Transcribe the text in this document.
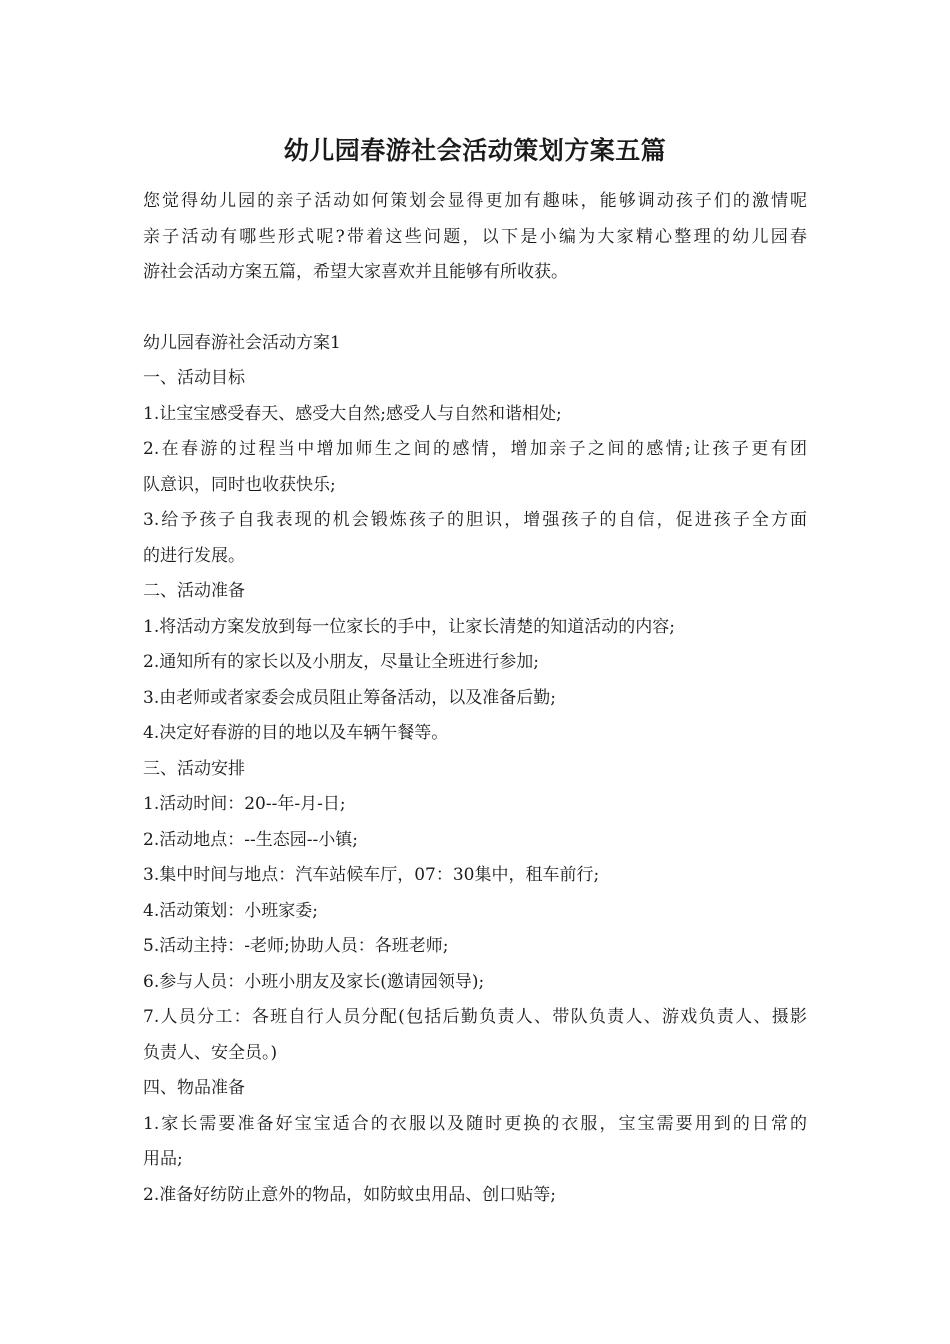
幼儿园春游社会活动策划方案五篇

您觉得幼儿园的亲子活动如何策划会显得更加有趣味，能够调动孩子们的激情呢

亲子活动有哪些形式呢?带着这些问题，以下是小编为大家精心整理的幼儿园春

游社会活动方案五篇，希望大家喜欢并且能够有所收获。

幼儿园春游社会活动方案1

一、活动目标

1.让宝宝感受春天、感受大自然;感受人与自然和谐相处;

2.在春游的过程当中增加师生之间的感情，增加亲子之间的感情;让孩子更有团

队意识，同时也收获快乐;

3.给予孩子自我表现的机会锻炼孩子的胆识，增强孩子的自信，促进孩子全方面

的进行发展。

二、活动准备

1.将活动方案发放到每一位家长的手中，让家长清楚的知道活动的内容;

2.通知所有的家长以及小朋友，尽量让全班进行参加;

3.由老师或者家委会成员阻止筹备活动，以及准备后勤;

4.决定好春游的目的地以及车辆午餐等。

三、活动安排

1.活动时间：20--年-月-日;

2.活动地点：--生态园--小镇;

3.集中时间与地点：汽车站候车厅，07：30集中，租车前行;

4.活动策划：小班家委;

5.活动主持：-老师;协助人员：各班老师;

6.参与人员：小班小朋友及家长(邀请园领导);

7.人员分工：各班自行人员分配(包括后勤负责人、带队负责人、游戏负责人、摄影

负责人、安全员。)

四、物品准备

1.家长需要准备好宝宝适合的衣服以及随时更换的衣服，宝宝需要用到的日常的

用品;

2.准备好纺防止意外的物品，如防蚊虫用品、创口贴等;
